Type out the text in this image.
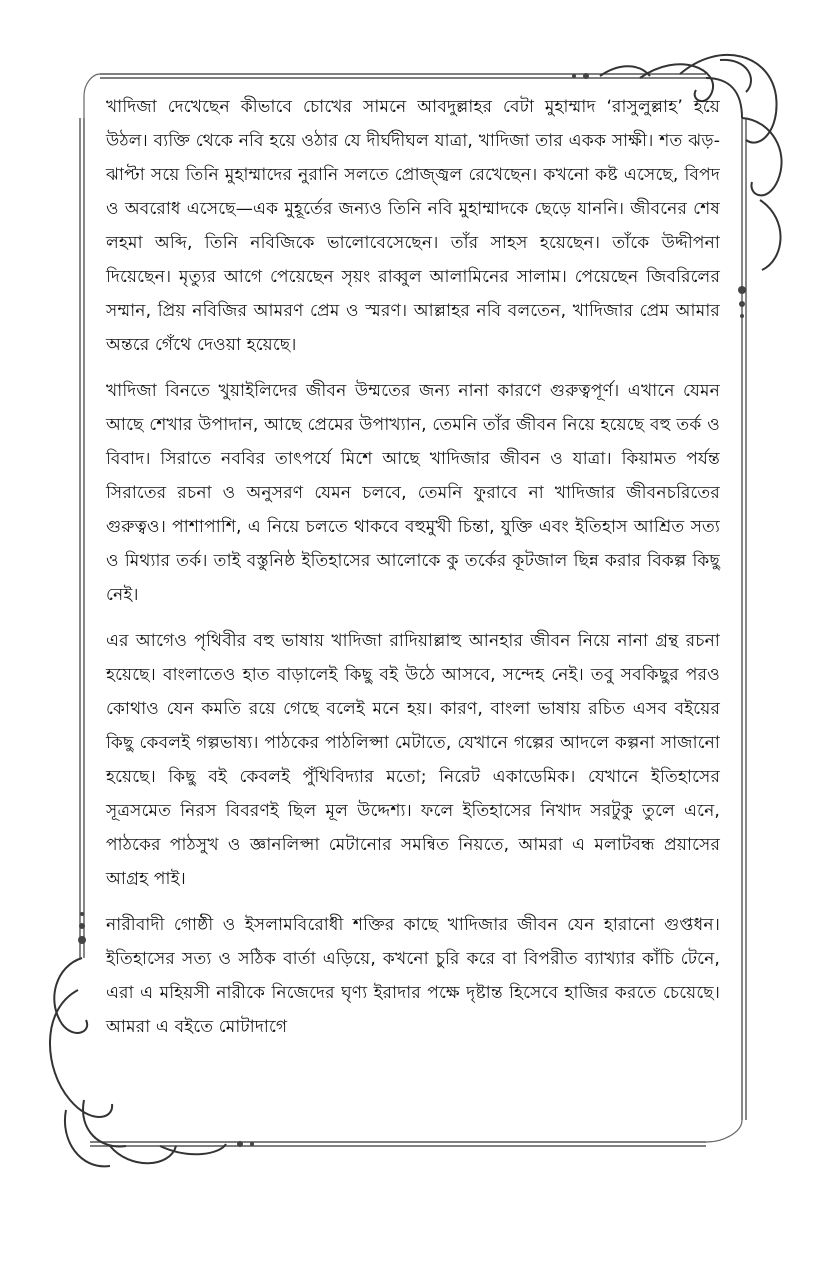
খাদিজা দেখেছেন কীভাবে চোখের সামনে আবদুল্লাহর বেটা মুহাম্মাদ ‘রাসুলুল্লাহ’ হয়ে উঠল। ব্যক্তি থেকে নবি হয়ে ওঠার যে দীর্ঘদীঘল যাত্রা, খাদিজা তার একক সাক্ষী। শত ঝড়-ঝাপ্টা সয়ে তিনি মুহাম্মাদের নুরানি সলতে প্রোজ্জ্বল রেখেছেন। কখনো কষ্ট এসেছে, বিপদ ও অবরোধ এসেছে—এক মুহূর্তের জন্যও তিনি নবি মুহাম্মাদকে ছেড়ে যাননি। জীবনের শেষ লহমা অব্দি, তিনি নবিজিকে ভালোবেসেছেন। তাঁর সাহস হয়েছেন। তাঁকে উদ্দীপনা দিয়েছেন। মৃত্যুর আগে পেয়েছেন সৃয়ং রাব্বুল আলামিনের সালাম। পেয়েছেন জিবরিলের সম্মান, প্রিয় নবিজির আমরণ প্রেম ও স্মরণ। আল্লাহর নবি বলতেন, খাদিজার প্রেম আমার অন্তরে গেঁথে দেওয়া হয়েছে।

খাদিজা বিনতে খুয়াইলিদের জীবন উম্মতের জন্য নানা কারণে গুরুত্বপূর্ণ। এখানে যেমন আছে শেখার উপাদান, আছে প্রেমের উপাখ্যান, তেমনি তাঁর জীবন নিয়ে হয়েছে বহু তর্ক ও বিবাদ। সিরাতে নববির তাৎপর্যে মিশে আছে খাদিজার জীবন ও যাত্রা। কিয়ামত পর্যন্ত সিরাতের রচনা ও অনুসরণ যেমন চলবে, তেমনি ফুরাবে না খাদিজার জীবনচরিতের গুরুত্বও। পাশাপাশি, এ নিয়ে চলতে থাকবে বহুমুখী চিন্তা, যুক্তি এবং ইতিহাস আশ্রিত সত্য ও মিথ্যার তর্ক। তাই বস্তুনিষ্ঠ ইতিহাসের আলোকে কু তর্কের কূটজাল ছিন্ন করার বিকল্প কিছু নেই।

এর আগেও পৃথিবীর বহু ভাষায় খাদিজা রাদিয়াল্লাহু আনহার জীবন নিয়ে নানা গ্রন্থ রচনা হয়েছে। বাংলাতেও হাত বাড়ালেই কিছু বই উঠে আসবে, সন্দেহ নেই। তবু সবকিছুর পরও কোথাও যেন কমতি রয়ে গেছে বলেই মনে হয়। কারণ, বাংলা ভাষায় রচিত এসব বইয়ের কিছু কেবলই গল্পভাষ্য। পাঠকের পাঠলিপ্সা মেটাতে, যেখানে গল্পের আদলে কল্পনা সাজানো হয়েছে। কিছু বই কেবলই পুঁথিবিদ্যার মতো; নিরেট একাডেমিক। যেখানে ইতিহাসের সূত্রসমেত নিরস বিবরণই ছিল মূল উদ্দেশ্য। ফলে ইতিহাসের নিখাদ সরটুকু তুলে এনে, পাঠকের পাঠসুখ ও জ্ঞানলিপ্সা মেটানোর সমন্বিত নিয়তে, আমরা এ মলাটবন্ধ প্রয়াসের আগ্রহ পাই।

নারীবাদী গোষ্ঠী ও ইসলামবিরোধী শক্তির কাছে খাদিজার জীবন যেন হারানো গুপ্তধন। ইতিহাসের সত্য ও সঠিক বার্তা এড়িয়ে, কখনো চুরি করে বা বিপরীত ব্যাখ্যার কাঁচি টেনে, এরা এ মহিয়সী নারীকে নিজেদের ঘৃণ্য ইরাদার পক্ষে দৃষ্টান্ত হিসেবে হাজির করতে চেয়েছে। আমরা এ বইতে মোটাদাগে
